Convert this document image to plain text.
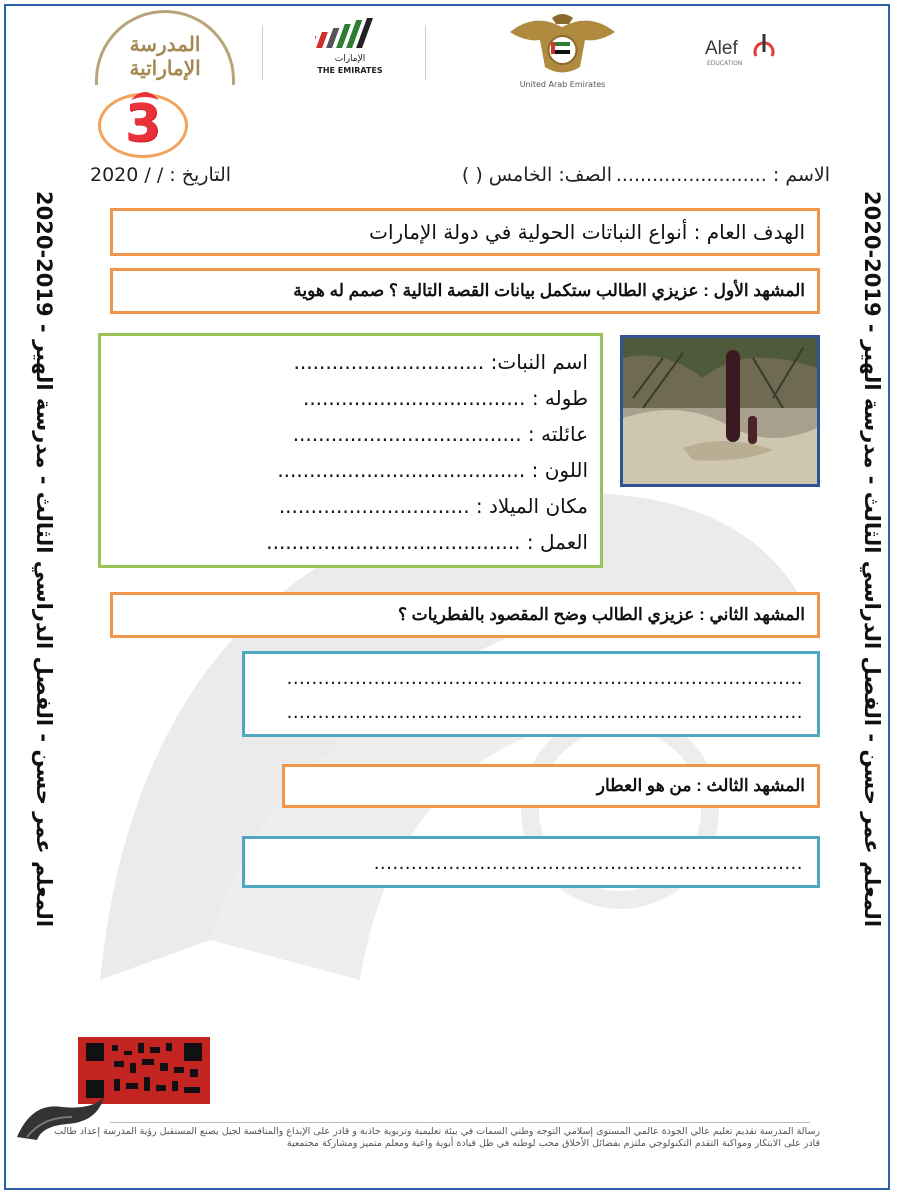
المعلم عمر حسن - الفصل الدراسي الثالث - مدرسة الهير - 2019-2020
المعلم عمر حسن - الفصل الدراسي الثالث - مدرسة الهير - 2019-2020
المدرسة
الإماراتية	الإمارات
THE EMIRATES
United Arab Emirates
Alef
EDUCATION
3
الاسم : .........................
الصف: الخامس ( )
التاريخ : / / 2020
الهدف العام : أنواع النباتات الحولية في دولة الإمارات
المشهد الأول : عزيزي الطالب ستكمل بيانات القصة التالية ؟ صمم له هوية
اسم النبات: ..............................
طوله : ...................................
عائلته : ....................................
اللون : .......................................
مكان الميلاد : ..............................
العمل : ........................................
المشهد الثاني : عزيزي الطالب وضح المقصود بالفطريات ؟
...................................................................................
...................................................................................
المشهد الثالث : من هو العطار
.....................................................................
رسالة المدرسة تقديم تعليم عالي الجودة عالمي المستوى إسلامي التوجه وطني السمات في بيئة تعليمية وتربوية جاذبة و قادر على الإبداع والمنافسة لجيل يصنع المستقبل رؤية المدرسة إعداد طالب قادر على الابتكار ومواكبة التقدم التكنولوجي ملتزم بفضائل الأخلاق محب لوطنه في ظل قيادة أبوية واعية ومعلم متميز ومشاركة مجتمعية
